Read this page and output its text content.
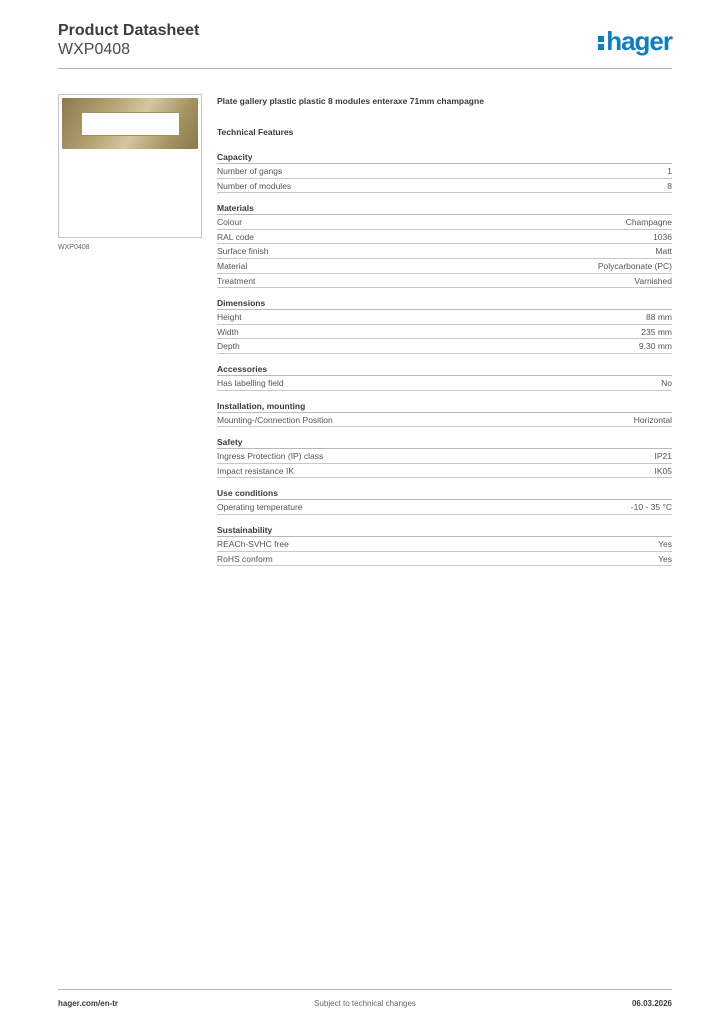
Product Datasheet
WXP0408	hager
WXP0408
Plate gallery plastic plastic 8 modules enteraxe 71mm champagne
Technical Features
Capacity
Number of gangs	1
Number of modules	8
Materials
Colour	Champagne
RAL code	1036
Surface finish	Matt
Material	Polycarbonate (PC)
Treatment	Varnished
Dimensions
Height	88 mm
Width	235 mm
Depth	9.30 mm
Accessories
Has labelling field	No
Installation, mounting
Mounting-/Connection Position	Horizontal
Safety
Ingress Protection (IP) class	IP21
Impact resistance IK	IK05
Use conditions
Operating temperature	-10 - 35 °C
Sustainability
REACh-SVHC free	Yes
RoHS conform	Yes
Subject to technical changes
hager.com/en-tr	06.03.2026
